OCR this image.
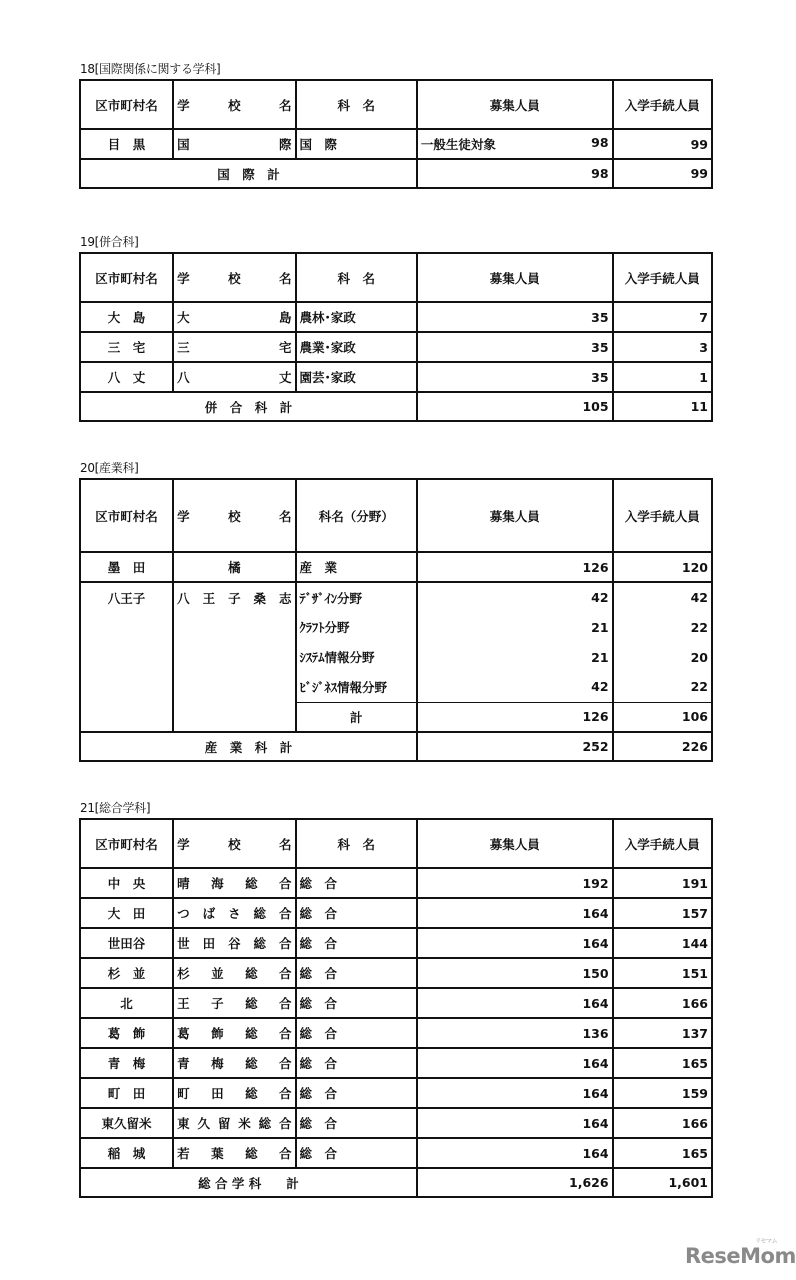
18[国際関係に関する学科]
区市町村名	学 校 名	科　名	募集人員	入学手続人員
目　黒	国 際	国　際	一般生徒対象 98	99
国　際　計			98	99
19[併合科]
区市町村名	学 校 名	科　名	募集人員	入学手続人員
大　島	大 島	農林･家政	35	7
三　宅	三 宅	農業･家政	35	3
八　丈	八 丈	園芸･家政	35	1
併　合　科　計			105	11
20[産業科]
区市町村名	学 校 名	科名（分野）	募集人員	入学手続人員
墨　田	橘	産　業	126	120
八王子	八 王 子 桑 志	ﾃﾞｻﾞｲﾝ分野	42	42
		ｸﾗﾌﾄ分野	21	22
		ｼｽﾃﾑ情報分野	21	20
		ﾋﾞｼﾞﾈｽ情報分野	42	22
		計	126	106
産　業　科　計			252	226
21[総合学科]
区市町村名	学 校 名	科　名	募集人員	入学手続人員
中　央	晴 海 総 合	総　合	192	191
大　田	つ ば さ 総 合	総　合	164	157
世田谷	世 田 谷 総 合	総　合	164	144
杉　並	杉 並 総 合	総　合	150	151
北	王 子 総 合	総　合	164	166
葛　飾	葛 飾 総 合	総　合	136	137
青　梅	青 梅 総 合	総　合	164	165
町　田	町 田 総 合	総　合	164	159
東久留米	東 久 留 米 総 合	総　合	164	166
稲　城	若 葉 総 合	総　合	164	165
総 合 学 科　　計			1,626	1,601
ReseMom
リセマム
